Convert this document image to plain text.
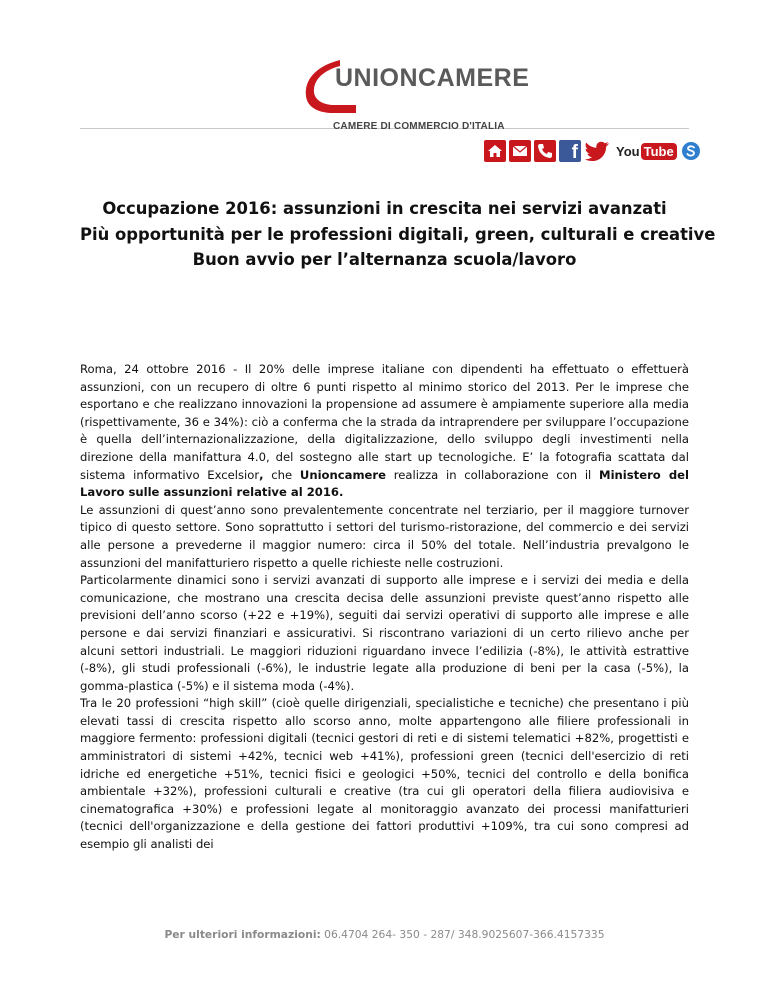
UNIONCAMERE
CAMERE DI COMMERCIO D'ITALIA
f	You Tube
Occupazione 2016: assunzioni in crescita nei servizi avanzati
Più opportunità per le professioni digitali, green, culturali e creative
Buon avvio per l’alternanza scuola/lavoro

Roma, 24 ottobre 2016 - Il 20% delle imprese italiane con dipendenti ha effettuato o effettuerà assunzioni, con un recupero di oltre 6 punti rispetto al minimo storico del 2013. Per le imprese che esportano e che realizzano innovazioni la propensione ad assumere è ampiamente superiore alla media (rispettivamente, 36 e 34%): ciò a conferma che la strada da intraprendere per sviluppare l’occupazione è quella dell’internazionalizzazione, della digitalizzazione, dello sviluppo degli investimenti nella direzione della manifattura 4.0, del sostegno alle start up tecnologiche. E’ la fotografia scattata dal sistema informativo Excelsior, che Unioncamere realizza in collaborazione con il Ministero del Lavoro sulle assunzioni relative al 2016.

Le assunzioni di quest’anno sono prevalentemente concentrate nel terziario, per il maggiore turnover tipico di questo settore. Sono soprattutto i settori del turismo-ristorazione, del commercio e dei servizi alle persone a prevederne il maggior numero: circa il 50% del totale. Nell’industria prevalgono le assunzioni del manifatturiero rispetto a quelle richieste nelle costruzioni.

Particolarmente dinamici sono i servizi avanzati di supporto alle imprese e i servizi dei media e della comunicazione, che mostrano una crescita decisa delle assunzioni previste quest’anno rispetto alle previsioni dell’anno scorso (+22 e +19%), seguiti dai servizi operativi di supporto alle imprese e alle persone e dai servizi finanziari e assicurativi. Si riscontrano variazioni di un certo rilievo anche per alcuni settori industriali. Le maggiori riduzioni riguardano invece l’edilizia (-8%), le attività estrattive (-8%), gli studi professionali (-6%), le industrie legate alla produzione di beni per la casa (-5%), la gomma-plastica (-5%) e il sistema moda (-4%).

Tra le 20 professioni “high skill” (cioè quelle dirigenziali, specialistiche e tecniche) che presentano i più elevati tassi di crescita rispetto allo scorso anno, molte appartengono alle filiere professionali in maggiore fermento: professioni digitali (tecnici gestori di reti e di sistemi telematici +82%, progettisti e amministratori di sistemi +42%, tecnici web +41%), professioni green (tecnici dell'esercizio di reti idriche ed energetiche +51%, tecnici fisici e geologici +50%, tecnici del controllo e della bonifica ambientale +32%), professioni culturali e creative (tra cui gli operatori della filiera audiovisiva e cinematografica +30%) e professioni legate al monitoraggio avanzato dei processi manifatturieri (tecnici dell'organizzazione e della gestione dei fattori produttivi +109%, tra cui sono compresi ad esempio gli analisti dei

Per ulteriori informazioni: 06.4704 264- 350 - 287/ 348.9025607-366.4157335
